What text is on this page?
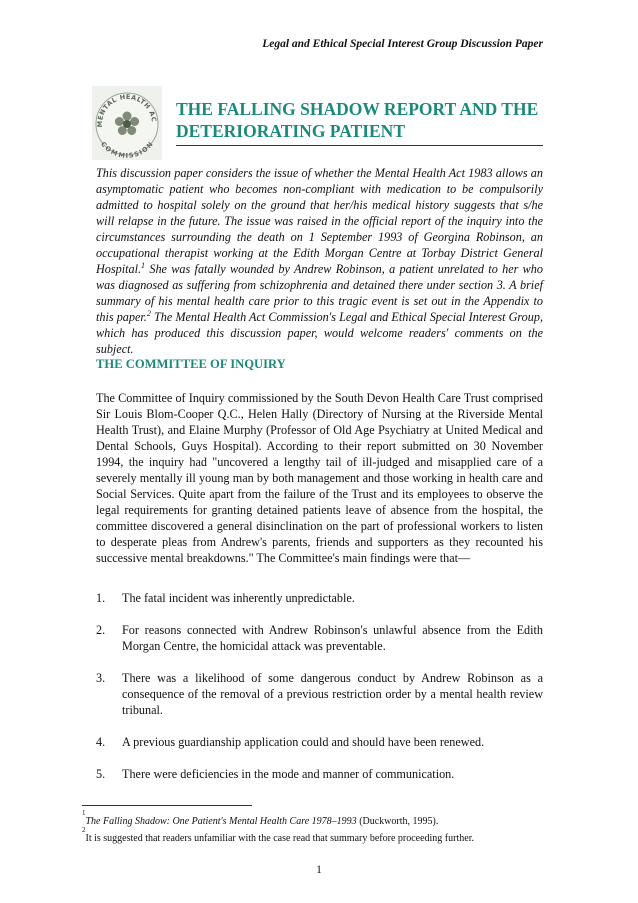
Legal and Ethical Special Interest Group Discussion Paper
MENTAL HEALTH AC
COMMISSION
THE FALLING SHADOW REPORT AND THE
DETERIORATING PATIENT
This discussion paper considers the issue of whether the Mental Health Act 1983 allows an asymptomatic patient who becomes non-compliant with medication to be compulsorily admitted to hospital solely on the ground that her/his medical history suggests that s/he will relapse in the future. The issue was raised in the official report of the inquiry into the circumstances surrounding the death on 1 September 1993 of Georgina Robinson, an occupational therapist working at the Edith Morgan Centre at Torbay District General Hospital.$^1$ She was fatally wounded by Andrew Robinson, a patient unrelated to her who was diagnosed as suffering from schizophrenia and detained there under section 3. A brief summary of his mental health care prior to this tragic event is set out in the Appendix to this paper.$^2$ The Mental Health Act Commission's Legal and Ethical Special Interest Group, which has produced this discussion paper, would welcome readers' comments on the subject.
THE COMMITTEE OF INQUIRY
The Committee of Inquiry commissioned by the South Devon Health Care Trust comprised Sir Louis Blom-Cooper Q.C., Helen Hally (Directory of Nursing at the Riverside Mental Health Trust), and Elaine Murphy (Professor of Old Age Psychiatry at United Medical and Dental Schools, Guys Hospital). According to their report submitted on 30 November 1994, the inquiry had "uncovered a lengthy tail of ill-judged and misapplied care of a severely mentally ill young man by both management and those working in health care and Social Services. Quite apart from the failure of the Trust and its employees to observe the legal requirements for granting detained patients leave of absence from the hospital, the committee discovered a general disinclination on the part of professional workers to listen to desperate pleas from Andrew's parents, friends and supporters as they recounted his successive mental breakdowns." The Committee's main findings were that—
1.	The fatal incident was inherently unpredictable.
2.	For reasons connected with Andrew Robinson's unlawful absence from the Edith Morgan Centre, the homicidal attack was preventable.
3.	There was a likelihood of some dangerous conduct by Andrew Robinson as a consequence of the removal of a previous restriction order by a mental health review tribunal.
4.	A previous guardianship application could and should have been renewed.
5.	There were deficiencies in the mode and manner of communication.
$^1$The Falling Shadow: One Patient's Mental Health Care 1978–1993 (Duckworth, 1995).
$^2$It is suggested that readers unfamiliar with the case read that summary before proceeding further.
1
